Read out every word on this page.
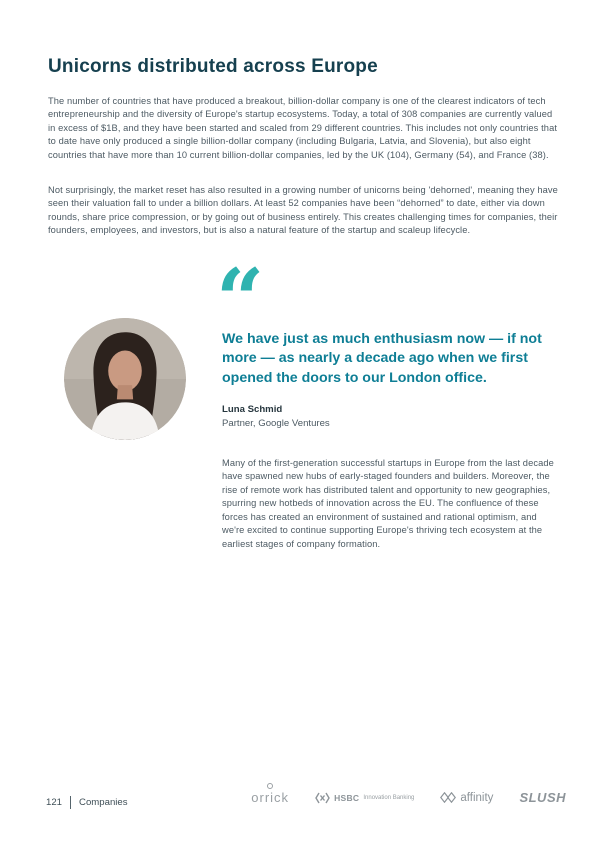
Unicorns distributed across Europe

The number of countries that have produced a breakout, billion-dollar company is one of the clearest indicators of tech entrepreneurship and the diversity of Europe's startup ecosystems. Today, a total of 308 companies are currently valued in excess of $1B, and they have been started and scaled from 29 different countries. This includes not only countries that to date have only produced a single billion-dollar company (including Bulgaria, Latvia, and Slovenia), but also eight countries that have more than 10 current billion-dollar companies, led by the UK (104), Germany (54), and France (38).

Not surprisingly, the market reset has also resulted in a growing number of unicorns being 'dehorned', meaning they have seen their valuation fall to under a billion dollars. At least 52 companies have been “dehorned” to date, either via down rounds, share price compression, or by going out of business entirely. This creates challenging times for companies, their founders, employees, and investors, but is also a natural feature of the startup and scaleup lifecycle.

“
We have just as much enthusiasm now — if not more — as nearly a decade ago when we first opened the doors to our London office.
Luna Schmid
Partner, Google Ventures

Many of the first-generation successful startups in Europe from the last decade have spawned new hubs of early-staged founders and builders. Moreover, the rise of remote work has distributed talent and opportunity to new geographies, spurring new hotbeds of innovation across the EU. The confluence of these forces has created an environment of sustained and rational optimism, and we're excited to continue supporting Europe's thriving tech ecosystem at the earliest stages of company formation.

121 Companies	orrick	HSBC Innovation Banking	affinity SLUSH
